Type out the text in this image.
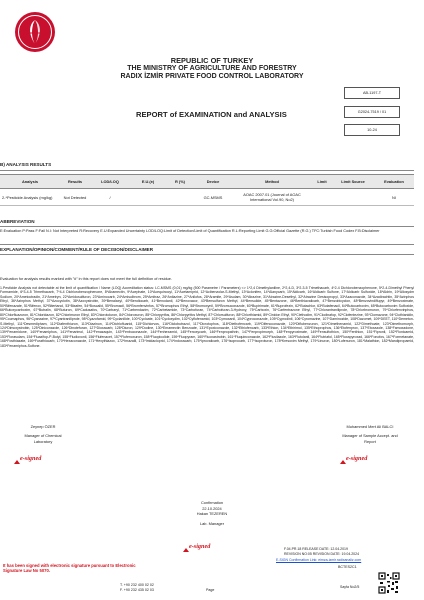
REPUBLIC OF TURKEY
THE MINISTRY OF AGRICULTURE AND FORESTRY
RADIX İZMİR PRIVATE FOOD CONTROL LABORATORY
REPORT of EXAMINATION and ANALYSIS
AB-1197-T
G2024-7519 / 01
10-24
B) ANALYSIS RESULTS
Analysis	Results	LOD/LOQ	E.U.(±)	R (%)	Device	Method	Limit	Limit Source	Evaluation
2-*Pesticide Analysis (mg/kg)	Not Detected	/			GC-MSMS	AOAC 2007.01 (Journal of AOAC International Vol.90, No2)			NI
ABBREVIATION
E:Evaluation P:Pass F:Fail N.I: Not Interpreted R:Recovery E.U:Expanded Uncertainty LOD/LOQ:Limit of Detection/Limit of Quantification R.L:Reporting Limit G.G:Official Gazette (R.G.) TFC:Turkish Food Codex F.B:Disclaimer
EXPLANATION/OPINION/COMMENT/RULE OF DECISION/DISCLAIMER
Evaluation for analysis results marked with "#" in this report does not meet the full definition of residue.
1.Pesticide Analysis not detectable at the limit of quantification / Name (LOQ) Accreditation status: LC-MSMS (0,01) mg/kg (500 Parametre / Parameters) <> 1*2,4 Dimethylaniline, 2*2,4-D, 3*2-3-5 Trimethacarb, 4*2-4 Dichlorobenzophenone, 5*2-4-Dimethyl Phenyl Formamide, 6*3-4-5 Trimethacarb, 7*4-4 Dichlorobenzophenone, 8*Abamectin, 9*Acephate, 10*Acequinocyl, 11*Acetamiprid, 12*Acibenzolar-S-Methyl, 13*Aclonifen, 14*Alanycarb, 15*Aldicarb, 16*Aldicarb Sulfone, 17*Aldicarb Sulfoxide, 18*Aldrin, 19*Allosydm Sodium, 20*Ametoctradin, 21*Ametryn, 22*Amidosulfuron, 23*Aminocarb, 24*Amisulbrom, 25*Amitraz, 26*Anilazine, 27*Anilofos, 28*Aramite, 29*Asulam, 30*Atrazine, 31*Atrazine-Desethyl, 32*Atrazine Desisopropyl, 33*Azaconazole, 34*Azadirachtin, 35*Azinphos Ethyl, 36*Azinphos Methyl, 37*Azocyclotin, 38*Azoxystrobin, 39*Benalaxyl, 40*Bendiocarb, 41*Benodanil, 42*Benoxacor, 43*Bensulfuron Methyl, 44*Bensulide, 45*Bentazone, 46*Benthiavalicarb, 47*Benzobicyclon, 48*Benzovindiflupyr, 49*Benzoximate, 50*Bifenazate, 51*Bifenox, 52*Bitertanol, 53*Bixafen, 54*Boscalid, 55*Bromacil, 56*Bromfenvinfos, 57*Bromophos Ethyl, 58*Bromoxynil, 59*Bromuconazole, 60*Bupirimate, 61*Buprofezin, 62*Butachlor, 63*Butafenacil, 64*Butocarboxim, 65*Butocarboxim Sulfoxide, 66*Butoxycarboxim, 67*Butralin, 68*Buturon, 69*Cadusafos, 70*Carbaryl, 71*Carbendazim, 72*Carbetamide, 73*Carbofuran, 74*Carbofuran-3-Hydroxy, 75*Carboxin, 76*Carfentrazone Ethyl, 77*Chlorantraniliprole, 78*Chlorbromuron, 79*Chlorfenvinphos, 80*Chlorfluazuron, 81*Chloridazon, 82*Chlorimuron Ethyl, 83*Chlorotoluron, 84*Chloroxuron, 85*Chlorpyrifos, 86*Chlorpyrifos Methyl, 87*Chlorsulfuron, 88*Chlorthiamid, 89*Cinidon Ethyl, 90*Clethodim, 91*Clodinafop, 92*Clofentezine, 93*Clomazone, 94*Clothianidin, 95*Coumaphos, 96*Cyanazine, 97*Cyantraniliprole, 98*Cyazofamid, 99*Cyclanilide, 100*Cycloate, 101*Cycloxydim, 102*Cyflufenamid, 103*Cymoxanil, 104*Cyproconazole, 105*Cyprodinil, 106*Cyromazine, 107*Daminozide, 108*Dazomet, 109*DEET, 110*Demeton-S-Methyl, 111*Desmedipham, 112*Diafenthiuron, 113*Diazinon, 114*Dichlofluanid, 115*Dichlorvos, 116*Diclobutrazol, 117*Dicrotophos, 118*Diethofencarb, 119*Difenoconazole, 120*Diflubenzuron, 121*Dimethenamid, 122*Dimethoate, 123*Dimethomorph, 124*Dimoxystrobin, 125*Diniconazole, 126*Dinotefuran, 127*Dioxacarb, 128*Diuron, 129*Dodine, 130*Emamectin Benzoate, 131*Epoxiconazole, 132*Ethiofencarb, 133*Ethion, 134*Ethirimol, 135*Ethoprophos, 136*Etofenprox, 137*Etoxazole, 138*Famoxadone, 139*Fenamidone, 140*Fenamiphos, 141*Fenarimol, 142*Fenazaquin, 143*Fenbuconazole, 144*Fenhexamid, 145*Fenoxycarb, 146*Fenpropathrin, 147*Fenpropimorph, 148*Fenpyroximate, 149*Fensulfothion, 150*Fenthion, 151*Fipronil, 152*Flonicamid, 153*Florasulam, 154*Fluazifop-P-Butyl, 155*Fludioxonil, 156*Flufenacet, 157*Flufenoxuron, 158*Fluopicolide, 159*Fluopyram, 160*Fluoxastrobin, 161*Fluquinconazole, 162*Flusilazole, 163*Flutolanil, 164*Flutriafol, 165*Fluxapyroxad, 166*Fonofos, 167*Formetanate, 168*Fosthiazate, 169*Furathiocarb, 170*Hexaconazole, 171*Hexythiazox, 172*Imazalil, 173*Imidacloprid, 174*Indoxacarb, 175*Iprovalicarb, 176*Isoprocarb, 177*Isoproturon, 178*Kresoxim Methyl, 179*Linuron, 180*Lufenuron, 181*Malathion, 182*Mandipropamid, 183*Fenamiphos-Sulfone.
Zeynep ÖZER
Manager of Chemical Laboratory
e-signed
Muhammed Mert Ali BALCI
Manager of Sample Accept. and Report
e-signed
Confirmation
22.10.2024
Hakan TEZEREN
Lab. Manager
e-signed
It has been signed with electronic signature pursuant to Electronic Signature Law No 5070.
T. +90 232 400 02 02
F. +90 232 435 02 03	Page
F.04.PR.18 RELEASE DATE: 12.04.2019
REVISION NO:05 REVISION DATE: 19.04.2024
E-SIGN Confirmation Link: eimza-izmir.radixanaliz.com
BCTES2C1
Sayfa No2/5
